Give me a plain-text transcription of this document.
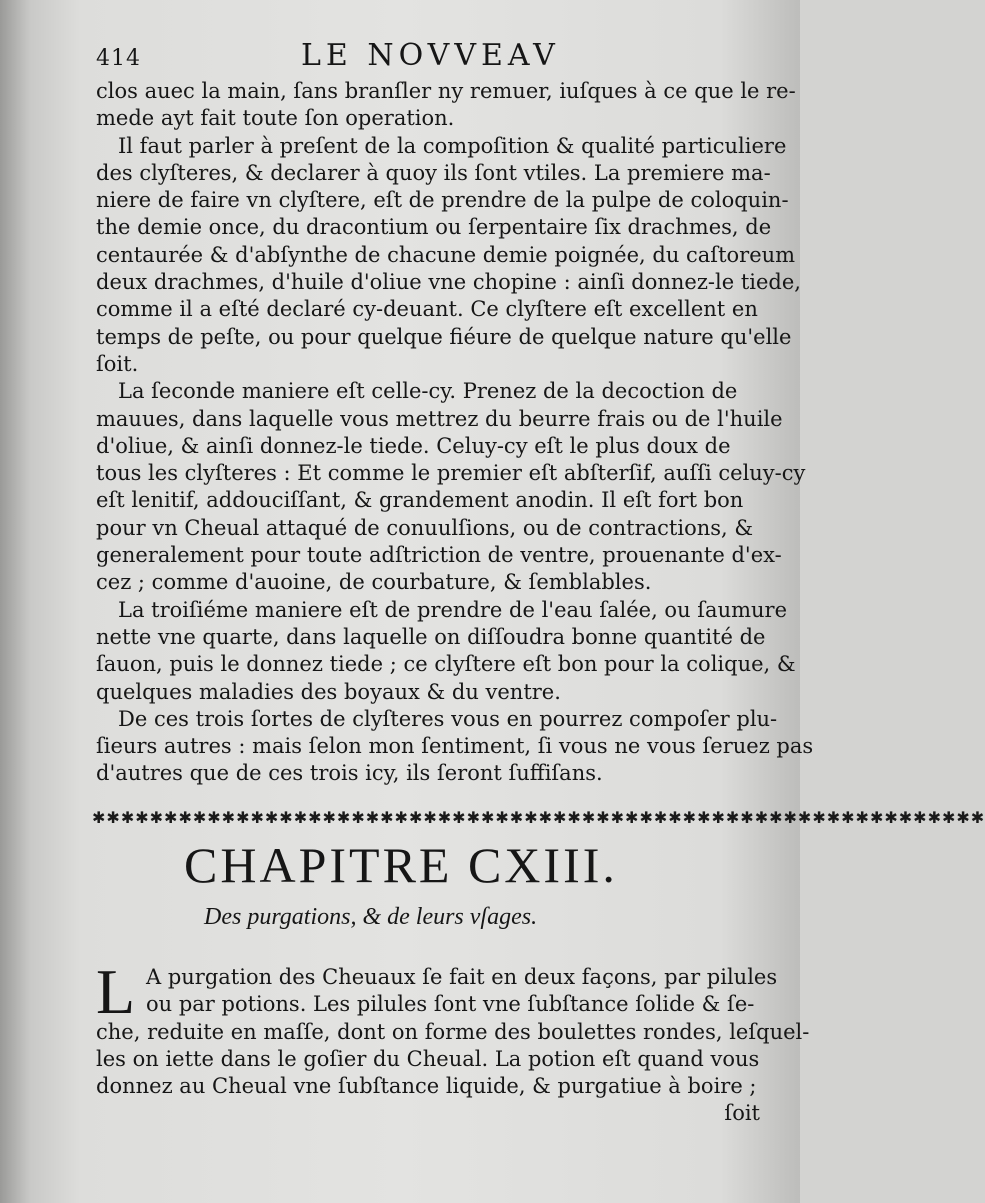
414	LE NOVVEAV
clos auec la main, ſans branſler ny remuer, iuſques à ce que le re-
mede ayt fait toute ſon operation.
Il faut parler à preſent de la compoſition & qualité particuliere
des clyſteres, & declarer à quoy ils ſont vtiles. La premiere ma-
niere de faire vn clyſtere, eſt de prendre de la pulpe de coloquin-
the demie once, du dracontium ou ſerpentaire ſix drachmes, de
centaurée & d'abſynthe de chacune demie poignée, du caſtoreum
deux drachmes, d'huile d'oliue vne chopine : ainſi donnez-le tiede,
comme il a eſté declaré cy-deuant. Ce clyſtere eſt excellent en
temps de peſte, ou pour quelque fiéure de quelque nature qu'elle
ſoit.
La ſeconde maniere eſt celle-cy. Prenez de la decoction de
mauues, dans laquelle vous mettrez du beurre frais ou de l'huile
d'oliue, & ainſi donnez-le tiede. Celuy-cy eſt le plus doux de
tous les clyſteres : Et comme le premier eſt abſterſif, auſſi celuy-cy
eſt lenitif, addouciſſant, & grandement anodin. Il eſt fort bon
pour vn Cheual attaqué de conuulſions, ou de contractions, &
generalement pour toute adſtriction de ventre, prouenante d'ex-
cez ; comme d'auoine, de courbature, & ſemblables.
La troiſiéme maniere eſt de prendre de l'eau ſalée, ou ſaumure
nette vne quarte, dans laquelle on diſſoudra bonne quantité de
ſauon, puis le donnez tiede ; ce clyſtere eſt bon pour la colique, &
quelques maladies des boyaux & du ventre.
De ces trois ſortes de clyſteres vous en pourrez compoſer plu-
ſieurs autres : mais ſelon mon ſentiment, ſi vous ne vous ſeruez pas
d'autres que de ces trois icy, ils ſeront ſuffiſans.
✱✱✱✱✱✱✱✱✱✱✱✱✱✱✱✱✱✱✱✱✱✱✱✱✱✱✱✱✱✱✱✱✱✱✱✱✱✱✱✱✱✱✱✱✱✱✱✱✱✱✱✱✱✱✱✱✱✱✱✱✱✱
CHAPITRE CXIII.
Des purgations, & de leurs vſages.
L A purgation des Cheuaux ſe fait en deux façons, par pilules
ou par potions. Les pilules ſont vne ſubſtance ſolide & ſe-
che, reduite en maſſe, dont on forme des boulettes rondes, leſquel-
les on iette dans le goſier du Cheual. La potion eſt quand vous
donnez au Cheual vne ſubſtance liquide, & purgatiue à boire ;
ſoit
